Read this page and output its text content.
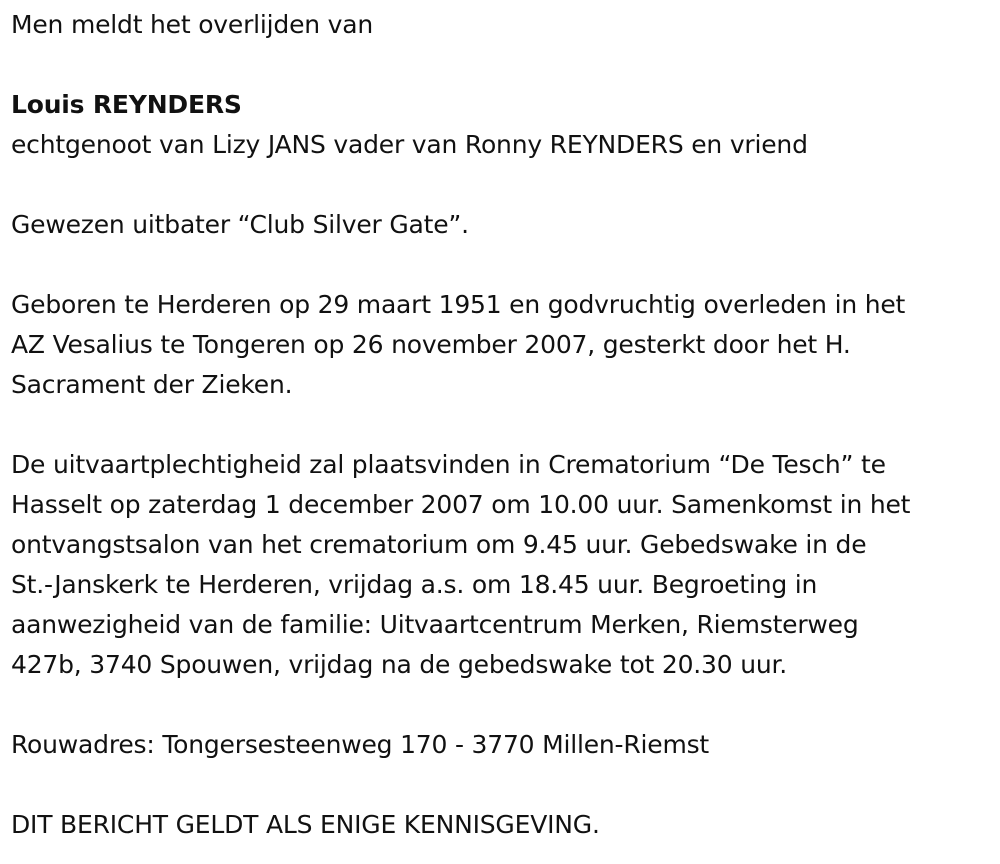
Men meldt het overlijden van
Louis REYNDERS
echtgenoot van Lizy JANS vader van Ronny REYNDERS en vriend
Gewezen uitbater “Club Silver Gate”.
Geboren te Herderen op 29 maart 1951 en godvruchtig overleden in het
AZ Vesalius te Tongeren op 26 november 2007, gesterkt door het H.
Sacrament der Zieken.
De uitvaartplechtigheid zal plaatsvinden in Crematorium “De Tesch” te
Hasselt op zaterdag 1 december 2007 om 10.00 uur. Samenkomst in het
ontvangstsalon van het crematorium om 9.45 uur. Gebedswake in de
St.-Janskerk te Herderen, vrijdag a.s. om 18.45 uur. Begroeting in
aanwezigheid van de familie: Uitvaartcentrum Merken, Riemsterweg
427b, 3740 Spouwen, vrijdag na de gebedswake tot 20.30 uur.
Rouwadres: Tongersesteenweg 170 - 3770 Millen-Riemst
DIT BERICHT GELDT ALS ENIGE KENNISGEVING.
